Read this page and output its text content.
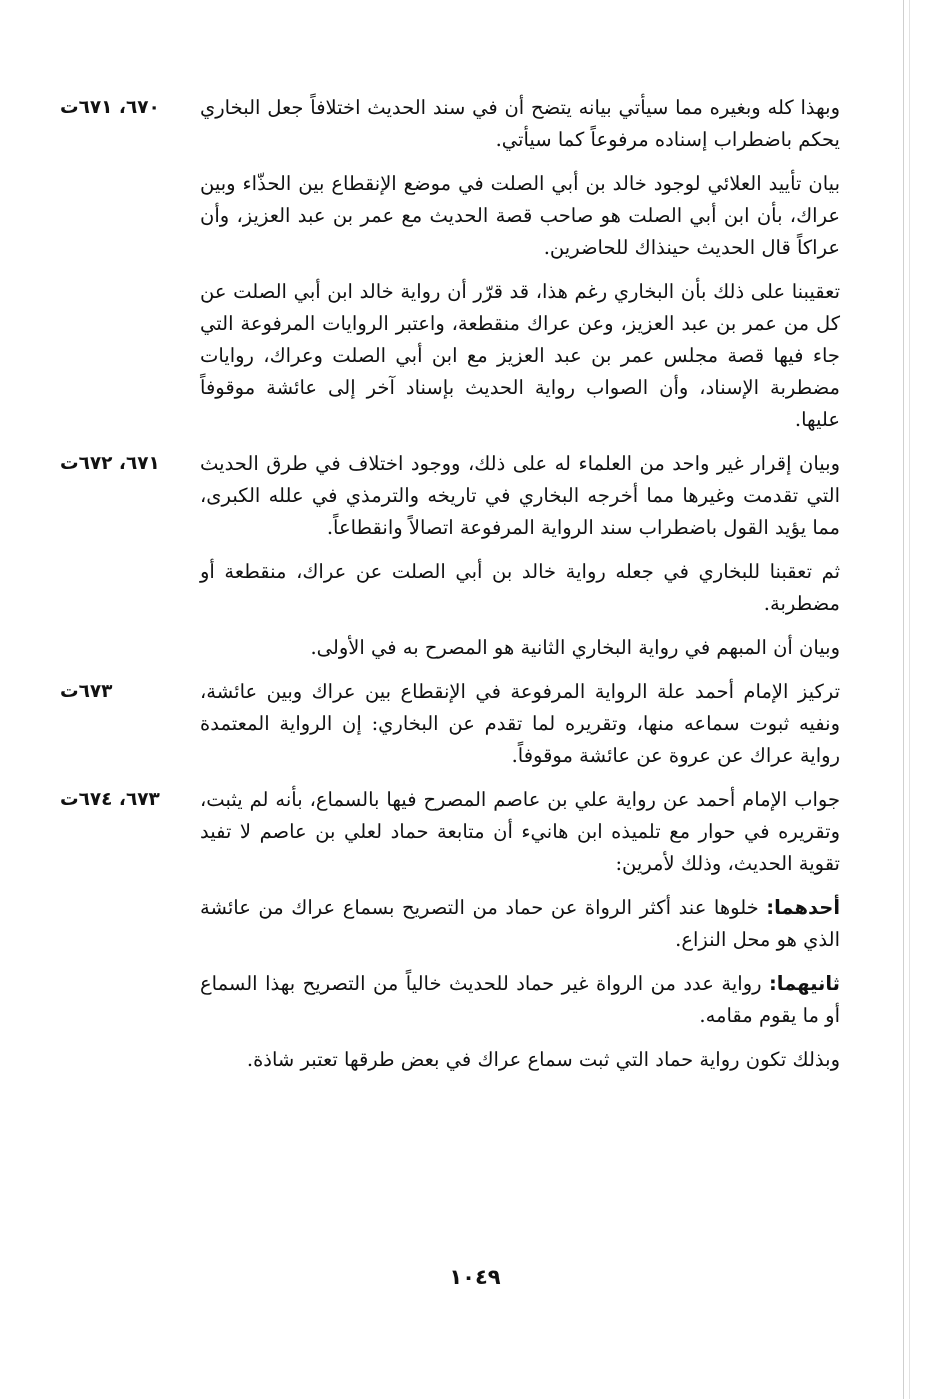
وبهذا كله وبغيره مما سيأتي بيانه يتضح أن في سند الحديث اختلافاً جعل البخاري يحكم باضطراب إسناده مرفوعاً كما سيأتي.

بيان تأييد العلائي لوجود خالد بن أبي الصلت في موضع الإنقطاع بين الحذّاء وبين عراك، بأن ابن أبي الصلت هو صاحب قصة الحديث مع عمر بن عبد العزيز، وأن عراكاً قال الحديث حينذاك للحاضرين.

تعقيبنا على ذلك بأن البخاري رغم هذا، قد قرّر أن رواية خالد ابن أبي الصلت عن كل من عمر بن عبد العزيز، وعن عراك منقطعة، واعتبر الروايات المرفوعة التي جاء فيها قصة مجلس عمر بن عبد العزيز مع ابن أبي الصلت وعراك، روايات مضطربة الإسناد، وأن الصواب رواية الحديث بإسناد آخر إلى عائشة موقوفاً عليها.

٦٧٠، ٦٧١ت

وبيان إقرار غير واحد من العلماء له على ذلك، ووجود اختلاف في طرق الحديث التي تقدمت وغيرها مما أخرجه البخاري في تاريخه والترمذي في علله الكبرى، مما يؤيد القول باضطراب سند الرواية المرفوعة اتصالاً وانقطاعاً.

ثم تعقبنا للبخاري في جعله رواية خالد بن أبي الصلت عن عراك، منقطعة أو مضطربة.

وبيان أن المبهم في رواية البخاري الثانية هو المصرح به في الأولى.

٦٧١، ٦٧٢ت

تركيز الإمام أحمد علة الرواية المرفوعة في الإنقطاع بين عراك وبين عائشة، ونفيه ثبوت سماعه منها، وتقريره لما تقدم عن البخاري: إن الرواية المعتمدة رواية عراك عن عروة عن عائشة موقوفاً.

٦٧٣ت

جواب الإمام أحمد عن رواية علي بن عاصم المصرح فيها بالسماع، بأنه لم يثبت، وتقريره في حوار مع تلميذه ابن هانيء أن متابعة حماد لعلي بن عاصم لا تفيد تقوية الحديث، وذلك لأمرين:

أحدهما: خلوها عند أكثر الرواة عن حماد من التصريح بسماع عراك من عائشة الذي هو محل النزاع.

ثانيهما: رواية عدد من الرواة غير حماد للحديث خالياً من التصريح بهذا السماع أو ما يقوم مقامه.

وبذلك تكون رواية حماد التي ثبت سماع عراك في بعض طرقها تعتبر شاذة.

٦٧٣، ٦٧٤ت
١٠٤٩
